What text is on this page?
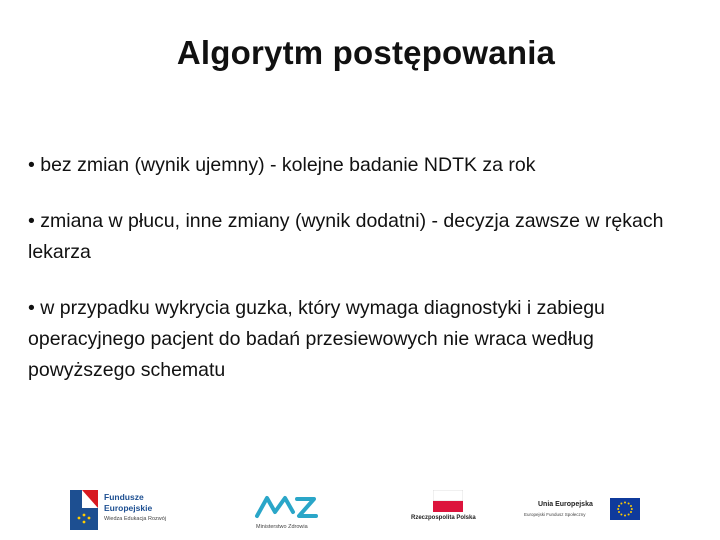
Algorytm postępowania

• bez zmian (wynik ujemny) - kolejne badanie NDTK za rok

• zmiana w płucu, inne zmiany (wynik dodatni) - decyzja zawsze w rękach lekarza

• w przypadku wykrycia guzka, który wymaga diagnostyki i zabiegu operacyjnego pacjent do badań przesiewowych nie wraca według powyższego schematu

Fundusze
Europejskie
Wiedza Edukacja Rozwój
Ministerstwo Zdrowia
Rzeczpospolita Polska
Unia Europejska
Europejski Fundusz Społeczny
